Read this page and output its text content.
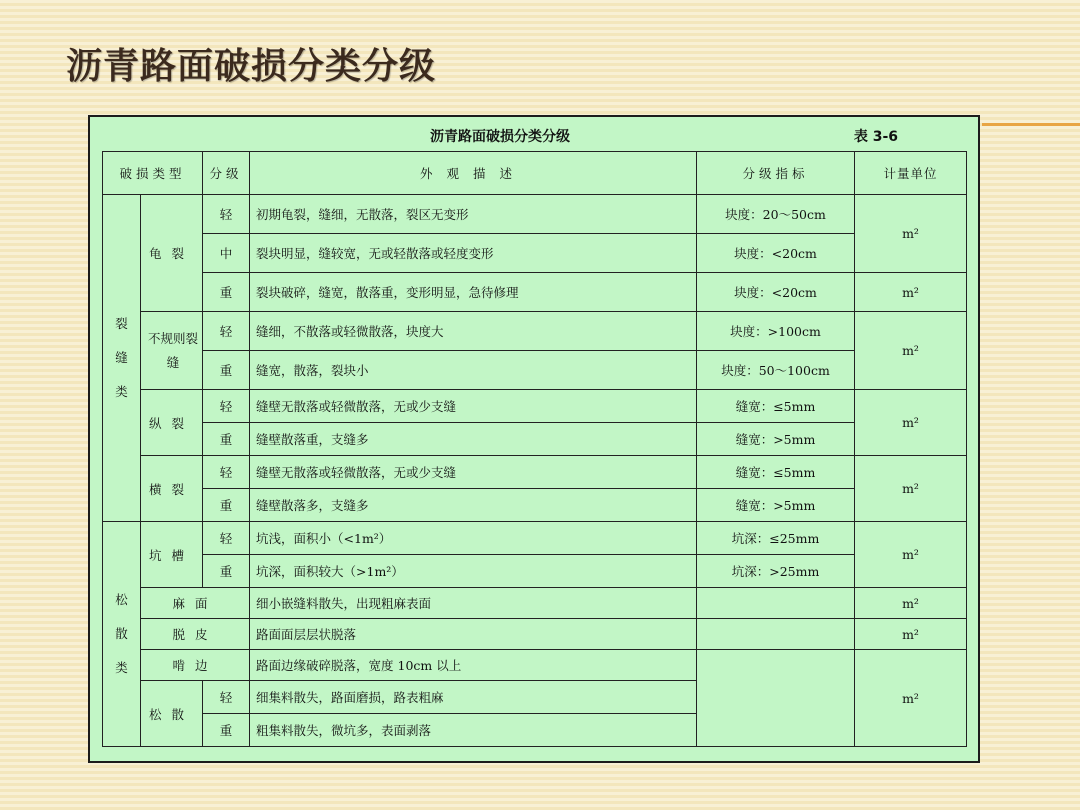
沥青路面破损分类分级
沥青路面破损分类分级	表 3-6
破损类型		分级	外观描述	分级指标	计量单位

裂缝类	龟裂	轻	初期龟裂，缝细，无散落，裂区无变形	块度：20～50cm	m²
		中	裂块明显，缝较宽，无或轻散落或轻度变形	块度：<20cm	
		重	裂块破碎，缝宽，散落重，变形明显，急待修理	块度：<20cm	m²

	不规则裂缝	轻	缝细，不散落或轻微散落，块度大	块度：>100cm	m²
		重	缝宽，散落，裂块小	块度：50～100cm	
	纵裂	轻	缝壁无散落或轻微散落，无或少支缝	缝宽：≤5mm	m²
		重	缝壁散落重，支缝多	缝宽：>5mm	
	横裂	轻	缝壁无散落或轻微散落，无或少支缝	缝宽：≤5mm	m²
		重	缝壁散落多，支缝多	缝宽：>5mm	

松散类	坑槽	轻	坑浅，面积小（<1m²）	坑深：≤25mm	m²
		重	坑深，面积较大（>1m²）	坑深：>25mm	
	麻面		细小嵌缝料散失，出现粗麻表面		m²
	脱皮		路面面层层状脱落		m²
	啃边		路面边缘破碎脱落，宽度 10cm 以上		m²
	松散	轻	细集料散失，路面磨损，路表粗麻		
		重	粗集料散失，微坑多，表面剥落		
